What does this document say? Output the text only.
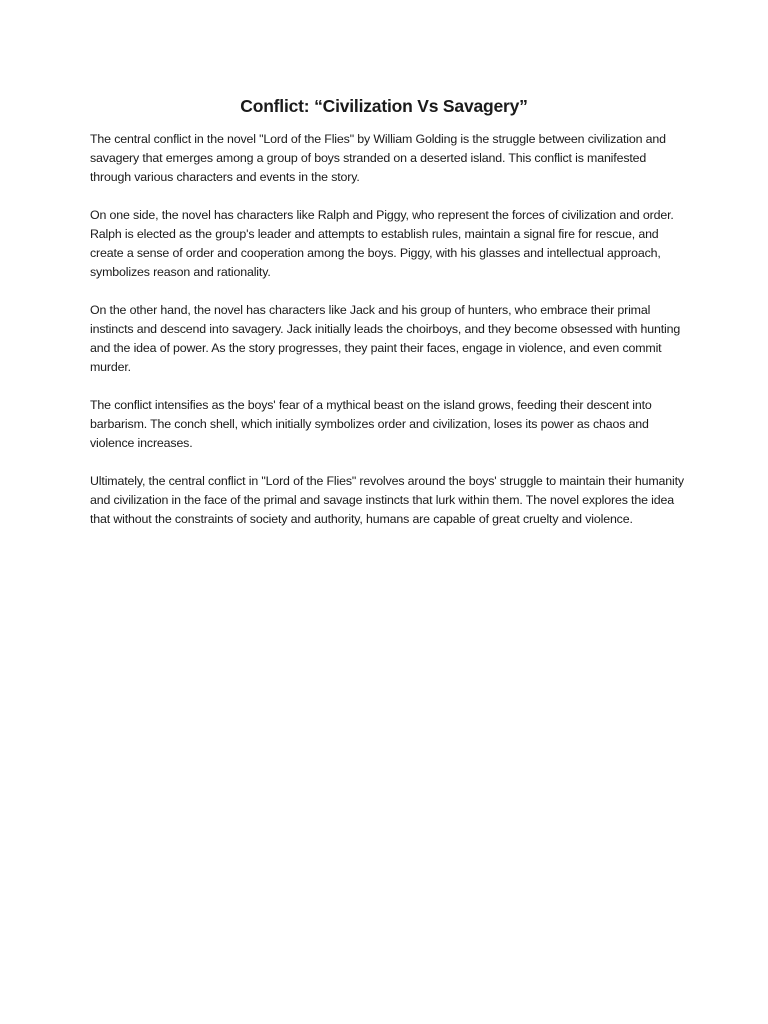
Conflict: “Civilization Vs Savagery”

The central conflict in the novel "Lord of the Flies" by William Golding is the struggle between civilization and savagery that emerges among a group of boys stranded on a deserted island. This conflict is manifested through various characters and events in the story.

On one side, the novel has characters like Ralph and Piggy, who represent the forces of civilization and order. Ralph is elected as the group's leader and attempts to establish rules, maintain a signal fire for rescue, and create a sense of order and cooperation among the boys. Piggy, with his glasses and intellectual approach, symbolizes reason and rationality.

On the other hand, the novel has characters like Jack and his group of hunters, who embrace their primal instincts and descend into savagery. Jack initially leads the choirboys, and they become obsessed with hunting and the idea of power. As the story progresses, they paint their faces, engage in violence, and even commit murder.

The conflict intensifies as the boys' fear of a mythical beast on the island grows, feeding their descent into barbarism. The conch shell, which initially symbolizes order and civilization, loses its power as chaos and violence increases.

Ultimately, the central conflict in "Lord of the Flies" revolves around the boys' struggle to maintain their humanity and civilization in the face of the primal and savage instincts that lurk within them. The novel explores the idea that without the constraints of society and authority, humans are capable of great cruelty and violence.
